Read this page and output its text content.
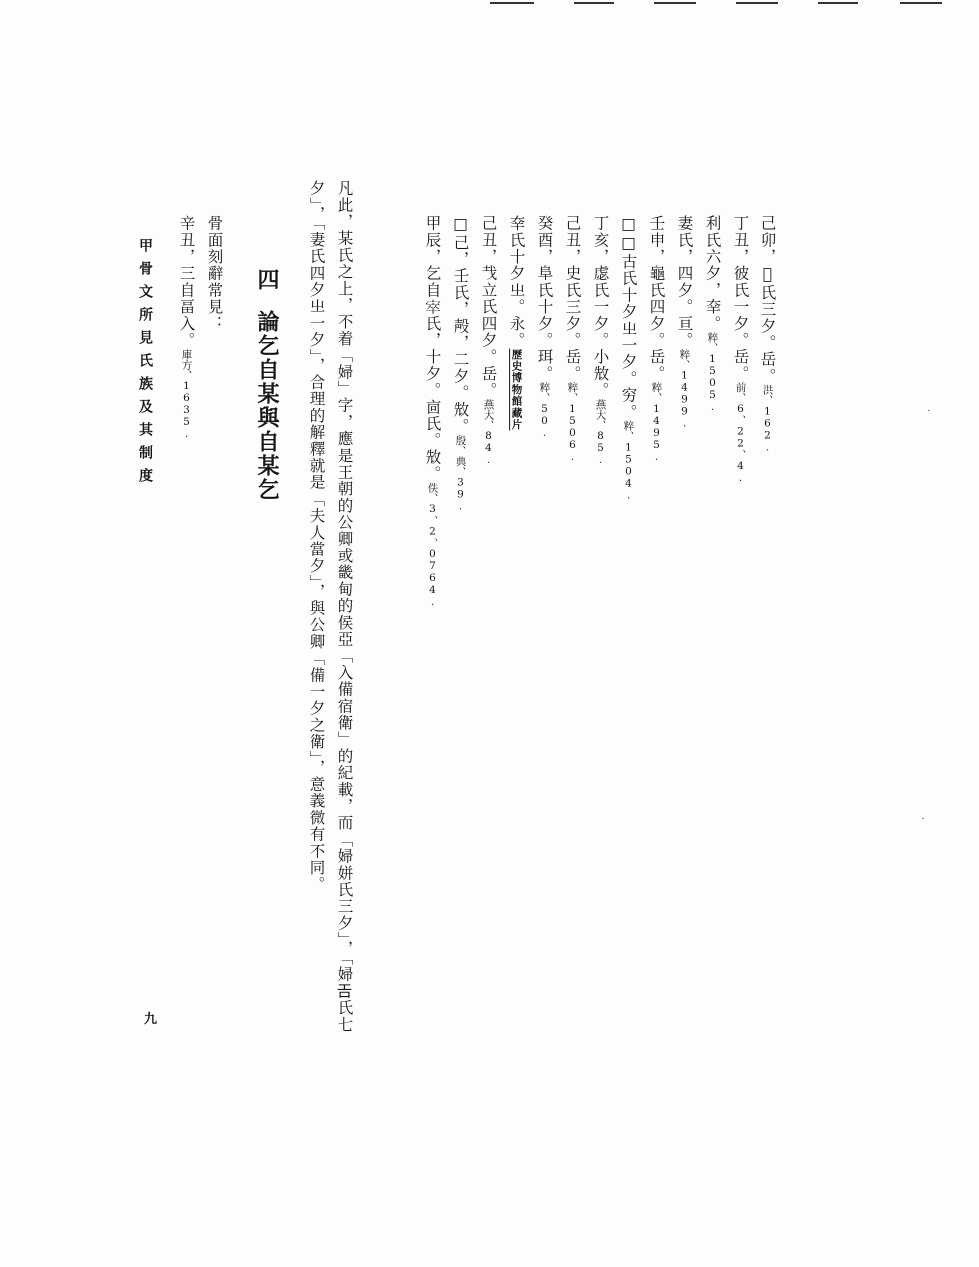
己卯，𡧊氏三夕。岳。洪、162.
丁丑，彼氏一夕。岳。前、6、22、4.
利氏六夕，㚔。粹、1505.
妻氏，四夕。亘。粹、1499.
壬申，龜氏四夕。岳。粹、1495.
□□古氏十夕㞢一夕。穷。粹、1504.
丁亥，虙氏一夕。小㪇。燕大、85.
己丑，史氏三夕。岳。粹、1506.
癸酉，阜氏十夕。珥。粹、50.
㚔氏十夕㞢。永。歷史博物館藏片
己丑，𢦏立氏四夕。岳。燕大、84.
□己，壬氏，殸，二夕。㪇。殷、典、39.
甲辰，乞自𡨧氏，十夕。㐭氏。㪇。佚、3、2、0764.
凡此，某氏之上，不着「婦」字，應是王朝的公卿或畿甸的侯亞「入備宿衛」的紀載，而「婦姘氏三夕」，「婦𢀛氏七
夕」，「妻氏四夕㞢一夕」，合理的解釋就是「夫人當夕」，與公卿「備一夕之衛」，意義微有不同。
四論乞自某與自某乞
骨面刻辭常見：
辛丑，三自畐入。庫方、1635.
甲骨文所見氏族及其制度
九
